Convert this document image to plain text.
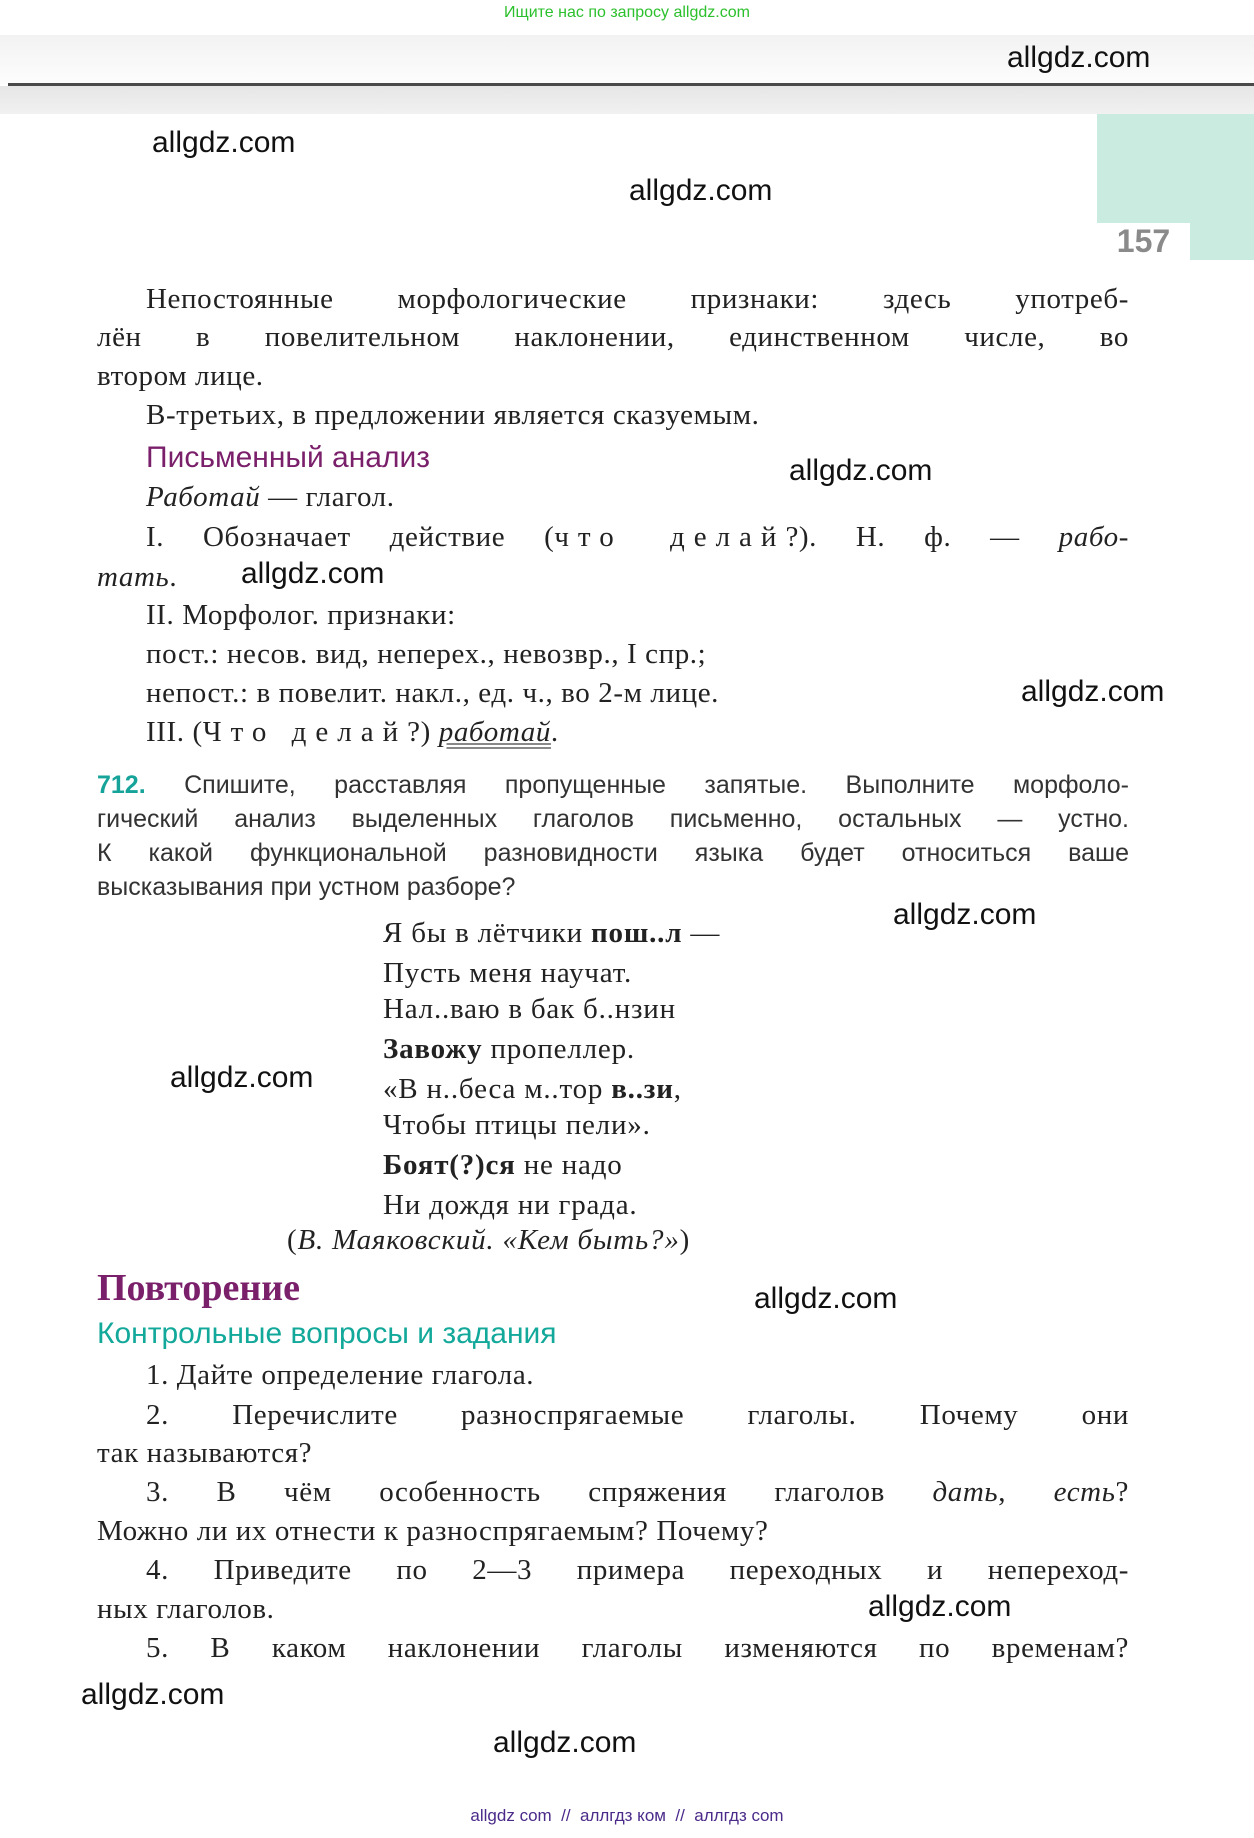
Ищите нас по запросу allgdz.com
157
Непостоянные морфологические признаки: здесь употреб-
лён в повелительном наклонении, единственном числе, во
втором лице.
В-третьих, в предложении является сказуемым.
Письменный анализ
Работай — глагол.
I. Обозначает действие (что делай?). Н. ф. — рабо-
тать.
II. Морфолог. признаки:
пост.: несов. вид, неперех., невозвр., I спр.;
непост.: в повелит. накл., ед. ч., во 2-м лице.
III. (Что делай?) работай.
712. Спишите, расставляя пропущенные запятые. Выполните морфоло-
гический анализ выделенных глаголов письменно, остальных — устно.
К какой функциональной разновидности языка будет относиться ваше
высказывания при устном разборе?
Я бы в лётчики пош..л —
Пусть меня научат.
Нал..ваю в бак б..нзин
Завожу пропеллер.
«В н..беса м..тор в..зи,
Чтобы птицы пели».
Боят(?)ся не надо
Ни дождя ни града.
(В. Маяковский. «Кем быть?»)
Повторение
Контрольные вопросы и задания
1. Дайте определение глагола.
2. Перечислите разноспрягаемые глаголы. Почему они
так называются?
3. В чём особенность спряжения глаголов дать, есть?
Можно ли их отнести к разноспрягаемым? Почему?
4. Приведите по 2—3 примера переходных и непереход-
ных глаголов.
5. В каком наклонении глаголы изменяются по временам?
allgdz.com
allgdz.com
allgdz.com
allgdz.com
allgdz.com
allgdz.com
allgdz.com
allgdz.com
allgdz.com
allgdz.com
allgdz.com
allgdz.com
allgdz com  //  аллгдз ком  //  аллгдз com
